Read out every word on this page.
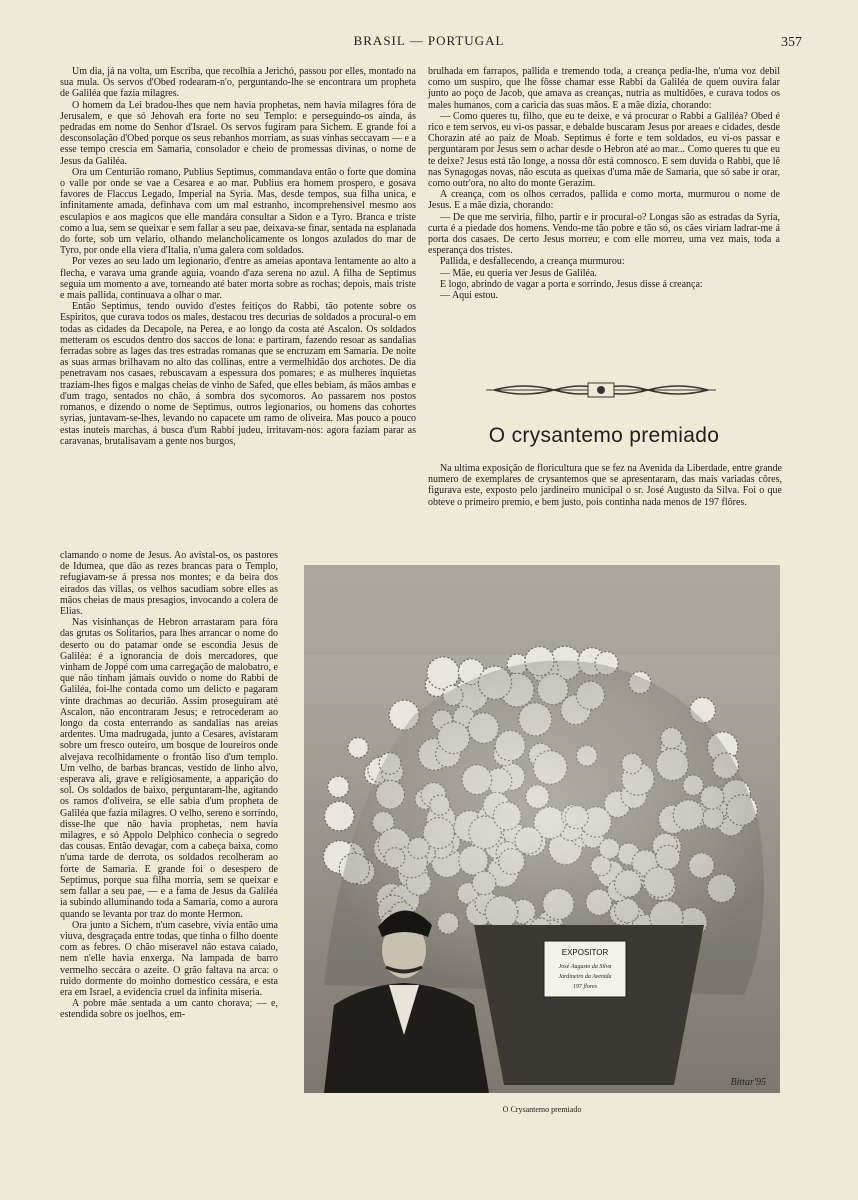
BRASIL — PORTUGAL	357

Um dia, já na volta, um Escriba, que recolhia a Jerichó, passou por elles, montado na sua mula. Os servos d'Obed rodearam-n'o, perguntando-lhe se encontrara um propheta de Galiléa que fazia milagres.

O homem da Lei bradou-lhes que nem havia prophetas, nem havia milagres fóra de Jerusalem, e que só Jehovah era forte no seu Templo: e perseguindo-os ainda, ás pedradas em nome do Senhor d'Israel. Os servos fugiram para Sichem. E grande foi a desconsolação d'Obed porque os seus rebanhos morriam, as suas vinhas seccavam — e a esse tempo crescia em Samaria, consolador e cheio de promessas divinas, o nome de Jesus da Galiléa.

Ora um Centurião romano, Publius Septimus, commandava então o forte que domina o valle por onde se vae a Cesarea e ao mar. Publius era homem prospero, e gosava favores de Flaccus Legado, Imperial na Syria. Mas, desde tempos, sua filha unica, e infinitamente amada, definhava com um mal estranho, incomprehensivel mesmo aos esculapios e aos magicos que elle mandára consultar a Sidon e a Tyro. Branca e triste como a lua, sem se queixar e sem fallar a seu pae, deixava-se finar, sentada na esplanada do forte, sob um velario, olhando melancholicamente os longos azulados do mar de Tyro, por onde ella viera d'Italia, n'uma galera com soldados.

Por vezes ao seu lado um legionario, d'entre as ameias apontava lentamente ao alto a flecha, e varava uma grande aguia, voando d'aza serena no azul. A filha de Septimus seguia um momento a ave, torneando até bater morta sobre as rochas; depois, mais triste e mais pallida, continuava a olhar o mar.

Então Septimus, tendo ouvido d'estes feitiços do Rabbi, tão potente sobre os Espiritos, que curava todos os males, destacou tres decurias de soldados a procural-o em todas as cidades da Decapole, na Perea, e ao longo da costa até Ascalon. Os soldados metteram os escudos dentro dos saccos de lona: e partiram, fazendo resoar as sandalias ferradas sobre as lages das tres estradas romanas que se encruzam em Samaria. De noite as suas armas brilhavam no alto das collinas, entre a vermelhidão dos archotes. De dia penetravam nos casaes, rebuscavam a espessura dos pomares; e as mulheres inquietas traziam-lhes figos e malgas cheias de vinho de Safed, que elles bebiam, ás mãos ambas e d'um trago, sentados no chão, á sombra dos sycomoros. Ao passarem nos postos romanos, e dizendo o nome de Septimus, outros legionarios, ou homens das cohortes syrias, juntavam-se-lhes, levando no capacete um ramo de oliveira. Mas pouco a pouco estas inuteis marchas, á busca d'um Rabbi judeu, irritavam-nos: agora faziam parar as caravanas, brutalisavam a gente nos burgos,

clamando o nome de Jesus. Ao avistal-os, os pastores de Idumea, que dão as rezes brancas para o Templo, refugiavam-se á pressa nos montes; e da beira dos eirados das villas, os velhos sacudiam sobre elles as mãos cheias de maus presagios, invocando a colera de Elias.

Nas visinhanças de Hebron arrastaram para fóra das grutas os Solitarios, para lhes arrancar o nome do deserto ou do patamar onde se escondia Jesus de Galiléa: é a ignorancia de dois mercadores, que vinham de Joppé com uma carregação de malobatro, e que não tinham jámais ouvido o nome do Rabbi de Galiléa, foi-lhe contada como um delicto e pagaram vinte drachmas ao decurião. Assim proseguiram até Ascalon, não encontraram Jesus; e retrocederam ao longo da costa enterrando as sandalias nas areias ardentes. Uma madrugada, junto a Cesares, avistaram sobre um fresco outeiro, um bosque de loureiros onde alvejava recolhidamente o frontão liso d'um templo. Um velho, de barbas brancas, vestido de linho alvo, esperava ali, grave e religiosamente, a apparição do sol. Os soldados de baixo, perguntaram-lhe, agitando os ramos d'oliveira, se elle sabia d'um propheta de Galiléa que fazia milagres. O velho, sereno e sorrindo, disse-lhe que não havia prophetas, nem havia milagres, e só Appolo Delphico conhecia o segredo das cousas. Então devagar, com a cabeça baixa, como n'uma tarde de derrota, os soldados recolheram ao forte de Samaria. E grande foi o desespero de Septimus, porque sua filha morria, sem se queixar e sem fallar a seu pae, — e a fama de Jesus da Galiléa ia subindo alluminando toda a Samaria, como a aurora quando se levanta por traz do monte Hermon.

Ora junto a Sichem, n'um casebre, vivia então uma viuva, desgraçada entre todas, que tinha o filho doente com as febres. O chão miseravel não estava caiado, nem n'elle havia enxerga. Na lampada de barro vermelho seccára o azeite. O grão faltava na arca: o ruido dormente do moinho domestico cessára, e esta era em Israel, a evidencia cruel da infinita miseria.

A pobre mãe sentada a um canto chorava; — e, estendida sobre os joelhos, em-

brulhada em farrapos, pallida e tremendo toda, a creança pedia-lhe, n'uma voz debil como um suspiro, que lhe fôsse chamar esse Rabbi da Galiléa de quem ouvira falar junto ao poço de Jacob, que amava as creanças, nutria as multidões, e curava todos os males humanos, com a caricia das suas mãos. E a mãe dizia, chorando:

— Como queres tu, filho, que eu te deixe, e vá procurar o Rabbi a Galiléa? Obed é rico e tem servos, eu vi-os passar, e debalde buscaram Jesus por areaes e cidades, desde Chorazin até ao paiz de Moab. Septimus é forte e tem soldados, eu vi-os passar e perguntaram por Jesus sem o achar desde o Hebron até ao mar... Como queres tu que eu te deixe? Jesus está tão longe, a nossa dôr está comnosco. E sem duvida o Rabbi, que lê nas Synagogas novas, não escuta as queixas d'uma mãe de Samaria, que só sabe ir orar, como outr'ora, no alto do monte Gerazim.

A creança, com os olhos cerrados, pallida e como morta, murmurou o nome de Jesus. E a mãe dizia, chorando:

— De que me serviria, filho, partir e ir procural-o? Longas são as estradas da Syria, curta é a piedade dos homens. Vendo-me tão pobre e tão só, os cães viriam ladrar-me á porta dos casaes. De certo Jesus morreu; e com elle morreu, uma vez mais, toda a esperança dos tristes.

Pallida, e desfallecendo, a creança murmurou:

— Mãe, eu queria ver Jesus de Galiléa.

E logo, abrindo de vagar a porta e sorrindo, Jesus disse á creança:

— Aqui estou.

O crysantemo premiado

Na ultima exposição de floricultura que se fez na Avenida da Liberdade, entre grande numero de exemplares de crysantemos que se apresentaram, das mais variadas côres, figurava este, exposto pelo jardineiro municipal o sr. José Augusto da Silva. Foi o que obteve o primeiro premio, e bem justo, pois continha nada menos de 197 flôres.

EXPOSITOR
José Augusto da Silva
Jardineiro da Avenida
197 flores
Bittar'95
O Crysantemo premiado
